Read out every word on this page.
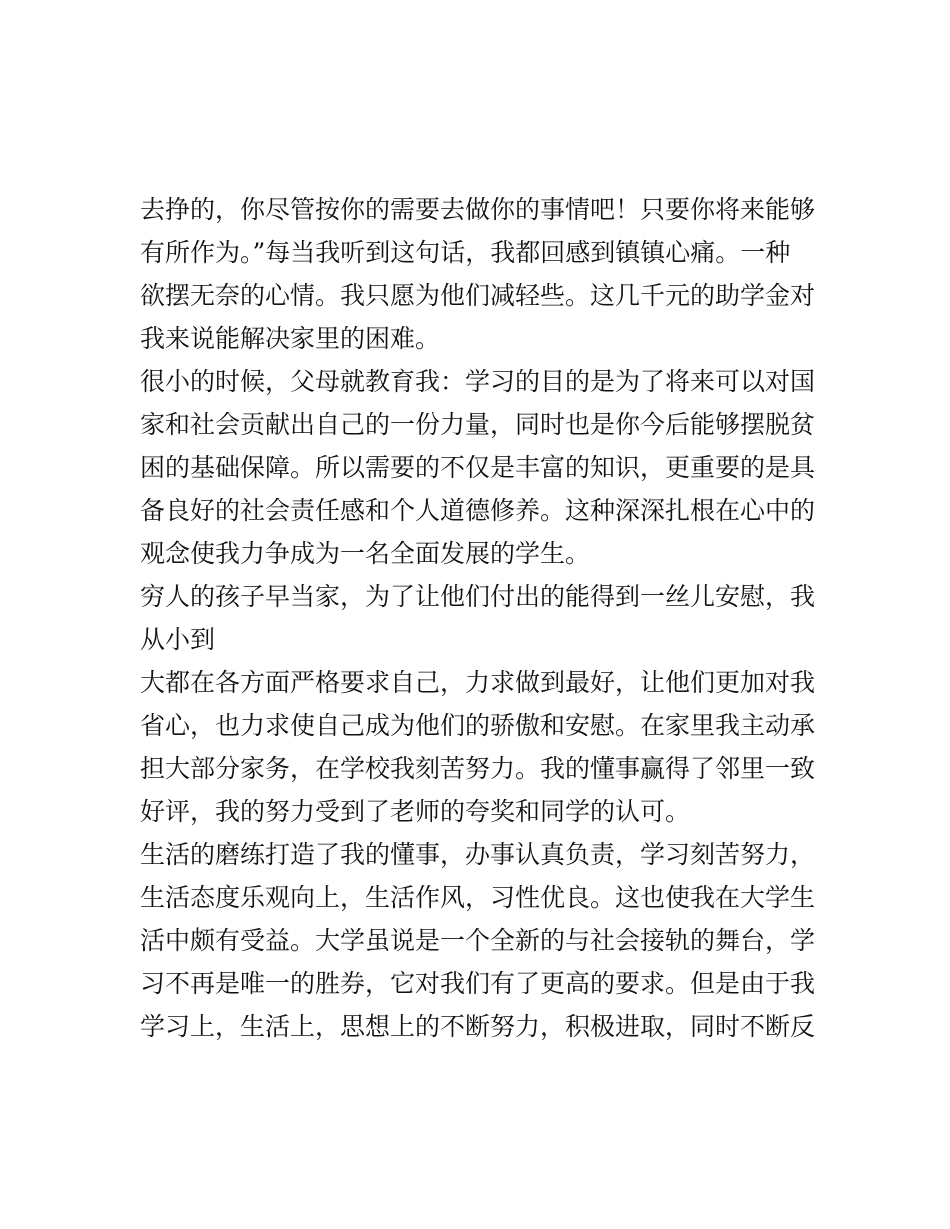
去挣的，你尽管按你的需要去做你的事情吧！只要你将来能够
有所作为。”每当我听到这句话，我都回感到镇镇心痛。一种
欲摆无奈的心情。我只愿为他们减轻些。这几千元的助学金对
我来说能解决家里的困难。
很小的时候，父母就教育我：学习的目的是为了将来可以对国
家和社会贡献出自己的一份力量，同时也是你今后能够摆脱贫
困的基础保障。所以需要的不仅是丰富的知识，更重要的是具
备良好的社会责任感和个人道德修养。这种深深扎根在心中的
观念使我力争成为一名全面发展的学生。
穷人的孩子早当家，为了让他们付出的能得到一丝儿安慰，我
从小到
大都在各方面严格要求自己，力求做到最好，让他们更加对我
省心，也力求使自己成为他们的骄傲和安慰。在家里我主动承
担大部分家务，在学校我刻苦努力。我的懂事赢得了邻里一致
好评，我的努力受到了老师的夸奖和同学的认可。
生活的磨练打造了我的懂事，办事认真负责，学习刻苦努力，
生活态度乐观向上，生活作风，习性优良。这也使我在大学生
活中颇有受益。大学虽说是一个全新的与社会接轨的舞台，学
习不再是唯一的胜券，它对我们有了更高的要求。但是由于我
学习上，生活上，思想上的不断努力，积极进取，同时不断反
